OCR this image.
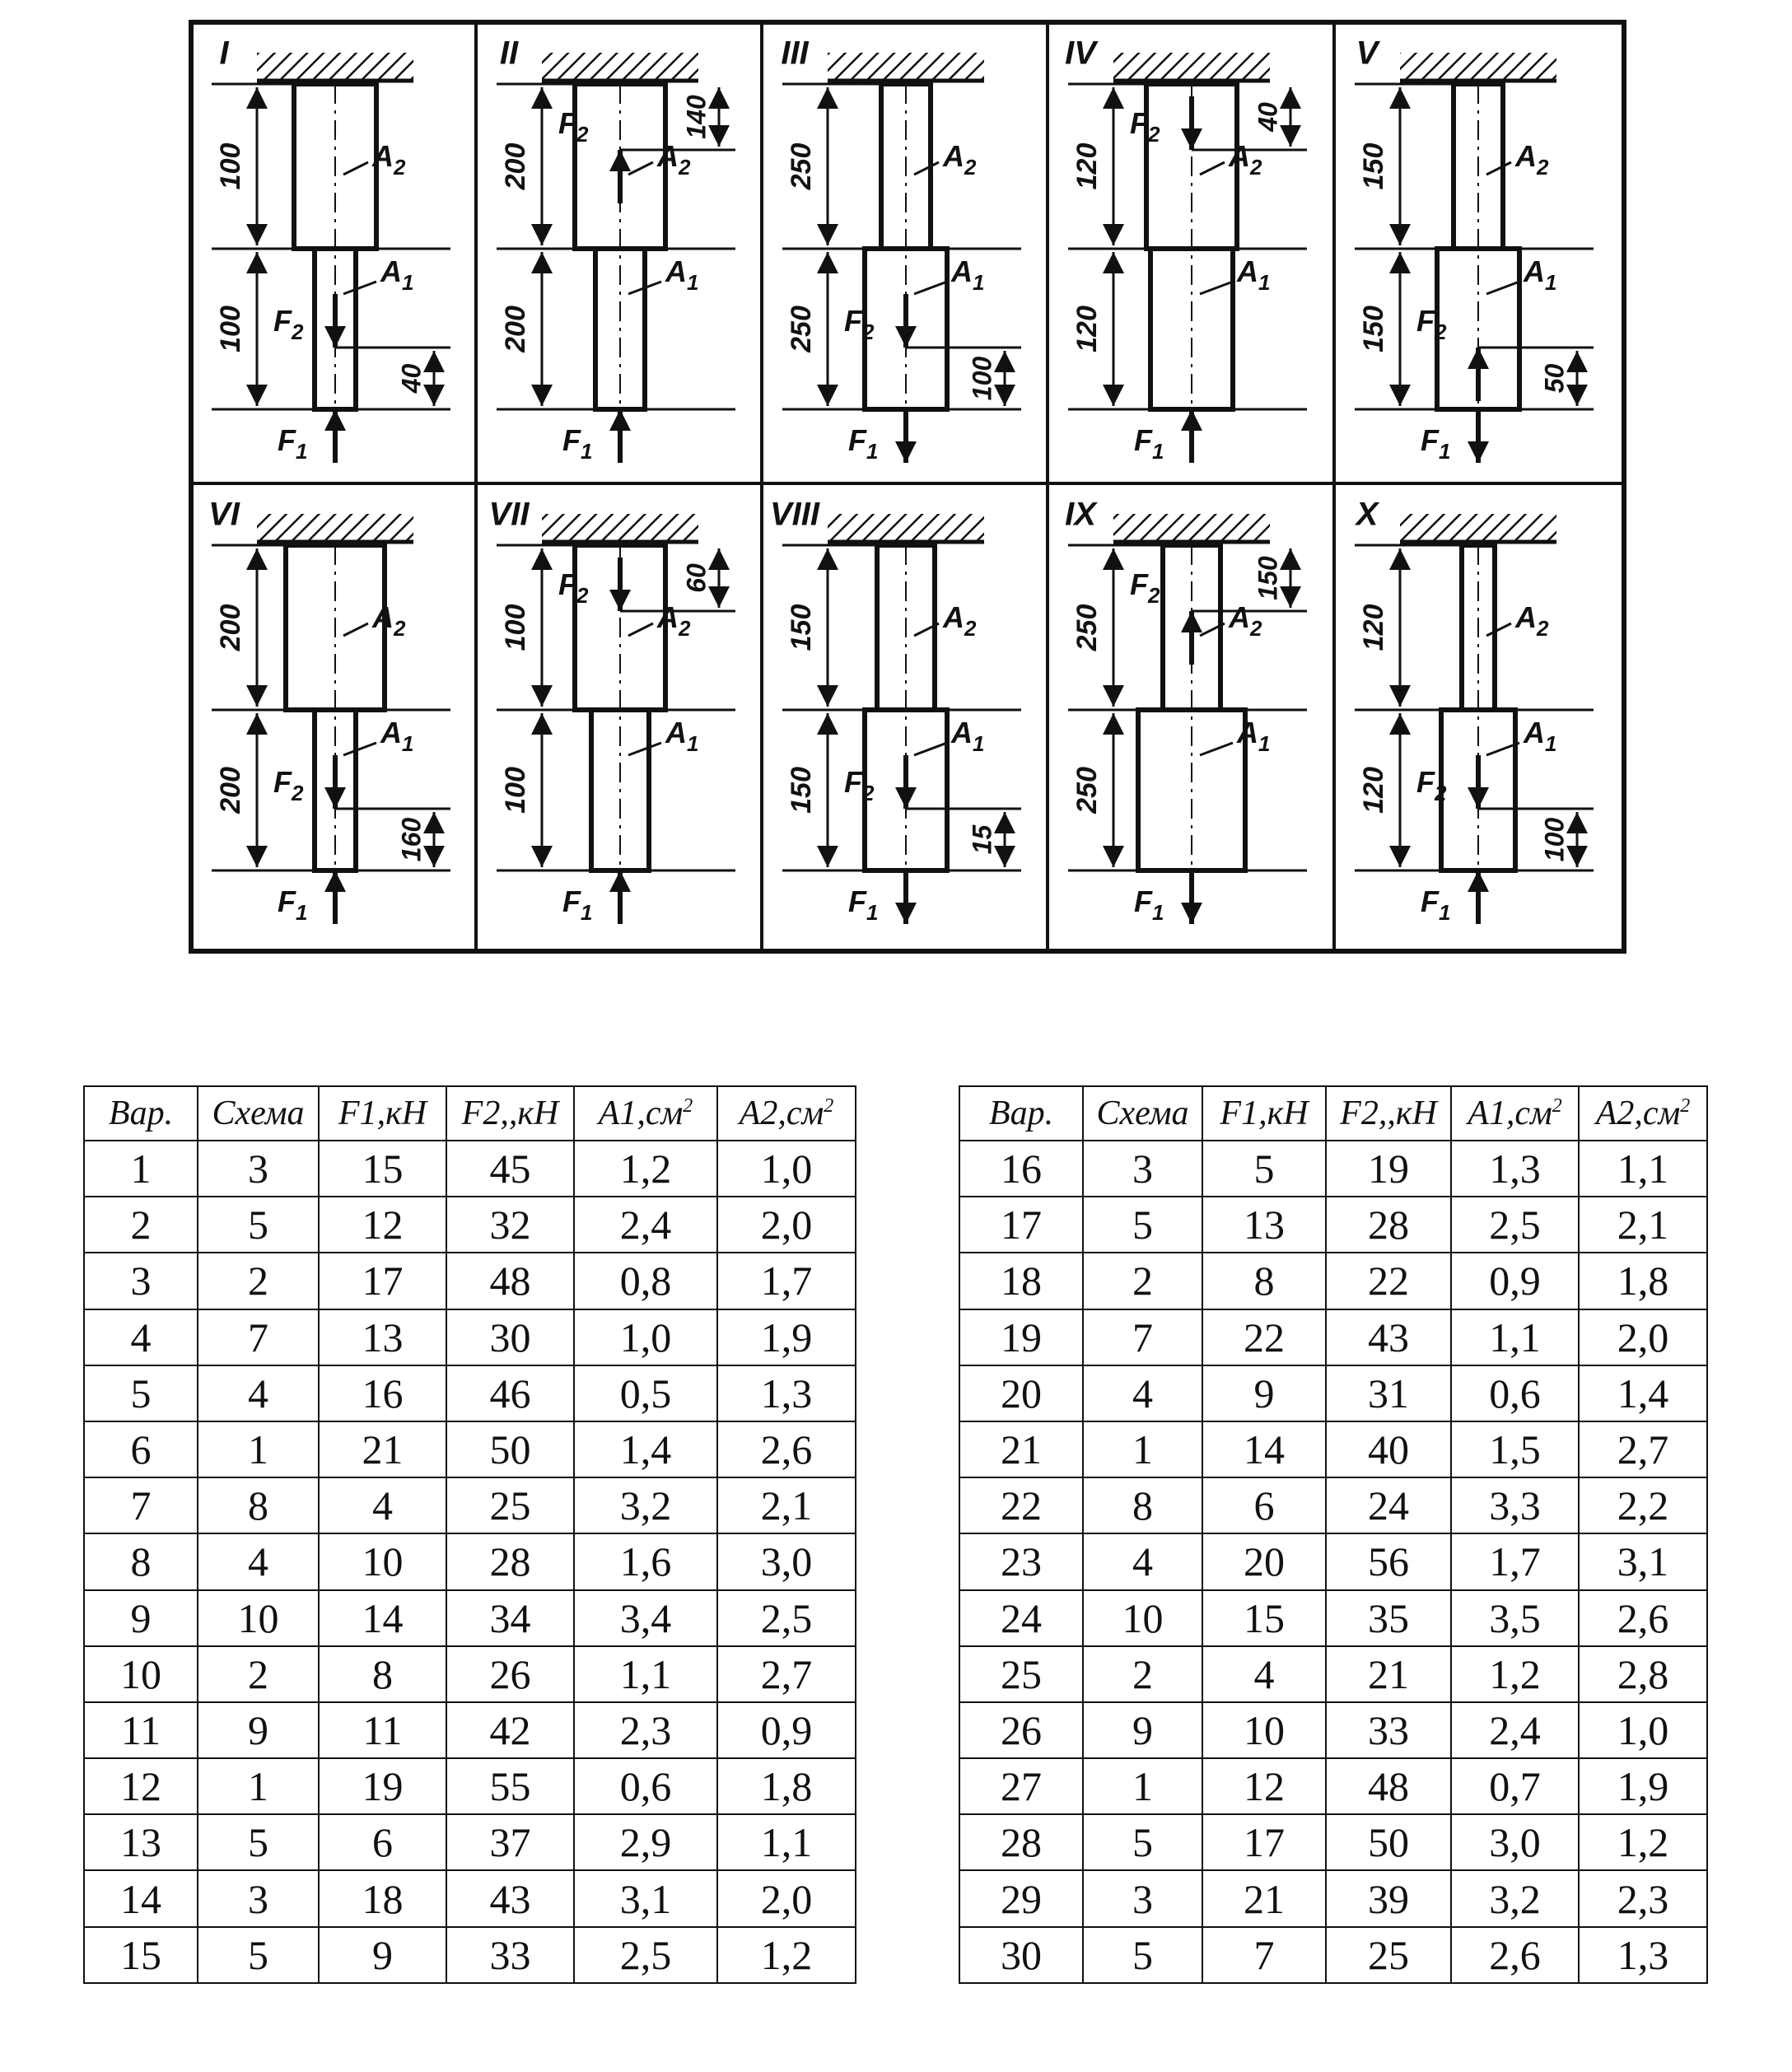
I
100
100
40
$F_2$
$F_1$
$A_2$
$A_1$
II
200
200
140
$F_2$
$F_1$
$A_2$
$A_1$
III
250
250
100
$F_2$
$F_1$
$A_2$
$A_1$
IV
120
120
40
$F_2$
$F_1$
$A_2$
$A_1$
V
150
150
50
$F_2$
$F_1$
$A_2$
$A_1$
VI
200
200
160
$F_2$
$F_1$
$A_2$
$A_1$
VII
100
100
60
$F_2$
$F_1$
$A_2$
$A_1$
VIII
150
150
15
$F_2$
$F_1$
$A_2$
$A_1$
IX
250
250
150
$F_2$
$F_1$
$A_2$
$A_1$
X
120
120
100
$F_2$
$F_1$
$A_2$
$A_1$
Вар.	Схема	F1,кН	F2,,кН	$A1,см^2$	$A2,см^2$
1	3	15	45	1,2	1,0
2	5	12	32	2,4	2,0
3	2	17	48	0,8	1,7
4	7	13	30	1,0	1,9
5	4	16	46	0,5	1,3
6	1	21	50	1,4	2,6
7	8	4	25	3,2	2,1
8	4	10	28	1,6	3,0
9	10	14	34	3,4	2,5
10	2	8	26	1,1	2,7
11	9	11	42	2,3	0,9
12	1	19	55	0,6	1,8
13	5	6	37	2,9	1,1
14	3	18	43	3,1	2,0
15	5	9	33	2,5	1,2
Вар.	Схема	F1,кН	F2,,кН	$A1,см^2$	$A2,см^2$
16	3	5	19	1,3	1,1
17	5	13	28	2,5	2,1
18	2	8	22	0,9	1,8
19	7	22	43	1,1	2,0
20	4	9	31	0,6	1,4
21	1	14	40	1,5	2,7
22	8	6	24	3,3	2,2
23	4	20	56	1,7	3,1
24	10	15	35	3,5	2,6
25	2	4	21	1,2	2,8
26	9	10	33	2,4	1,0
27	1	12	48	0,7	1,9
28	5	17	50	3,0	1,2
29	3	21	39	3,2	2,3
30	5	7	25	2,6	1,3
